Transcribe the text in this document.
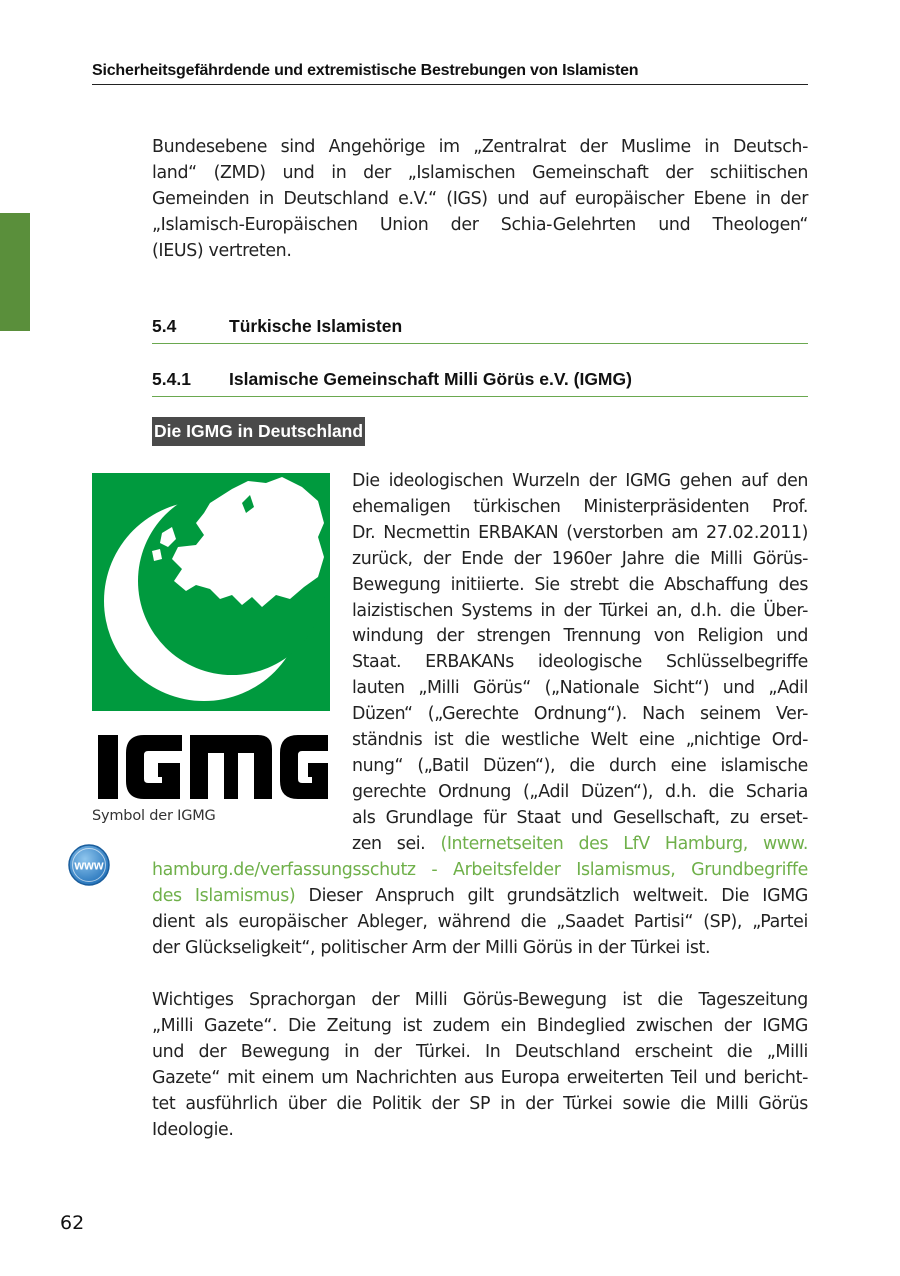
Sicherheitsgefährdende und extremistische Bestrebungen von Islamisten
Bundesebene sind Angehörige im „Zentralrat der Muslime in Deutsch-
land“ (ZMD) und in der „Islamischen Gemeinschaft der schiitischen
Gemeinden in Deutschland e.V.“ (IGS) und auf europäischer Ebene in der
„Islamisch-Europäischen Union der Schia-Gelehrten und Theologen“
(IEUS) vertreten.
5.4	Türkische Islamisten
5.4.1 Islamische Gemeinschaft Milli Görüs e.V. (IGMG)
Die IGMG in Deutschland
Symbol der IGMG
Die ideologischen Wurzeln der IGMG gehen auf den
ehemaligen türkischen Ministerpräsidenten Prof.
Dr. Necmettin ERBAKAN (verstorben am 27.02.2011)
zurück, der Ende der 1960er Jahre die Milli Görüs-
Bewegung initiierte. Sie strebt die Abschaffung des
laizistischen Systems in der Türkei an, d.h. die Über-
windung der strengen Trennung von Religion und
Staat. ERBAKANs ideologische Schlüsselbegriffe
lauten „Milli Görüs“ („Nationale Sicht“) und „Adil
Düzen“ („Gerechte Ordnung“). Nach seinem Ver-
ständnis ist die westliche Welt eine „nichtige Ord-
nung“ („Batil Düzen“), die durch eine islamische
gerechte Ordnung („Adil Düzen“), d.h. die Scharia
als Grundlage für Staat und Gesellschaft, zu erset-
zen sei. (Internetseiten des LfV Hamburg, www.
www	hamburg.de/verfassungsschutz - Arbeitsfelder Islamismus, Grundbegriffe
des Islamismus) Dieser Anspruch gilt grundsätzlich weltweit. Die IGMG
dient als europäischer Ableger, während die „Saadet Partisi“ (SP), „Partei
der Glückseligkeit“, politischer Arm der Milli Görüs in der Türkei ist.
Wichtiges Sprachorgan der Milli Görüs-Bewegung ist die Tageszeitung
„Milli Gazete“. Die Zeitung ist zudem ein Bindeglied zwischen der IGMG
und der Bewegung in der Türkei. In Deutschland erscheint die „Milli
Gazete“ mit einem um Nachrichten aus Europa erweiterten Teil und bericht-
tet ausführlich über die Politik der SP in der Türkei sowie die Milli Görüs
Ideologie.
62
